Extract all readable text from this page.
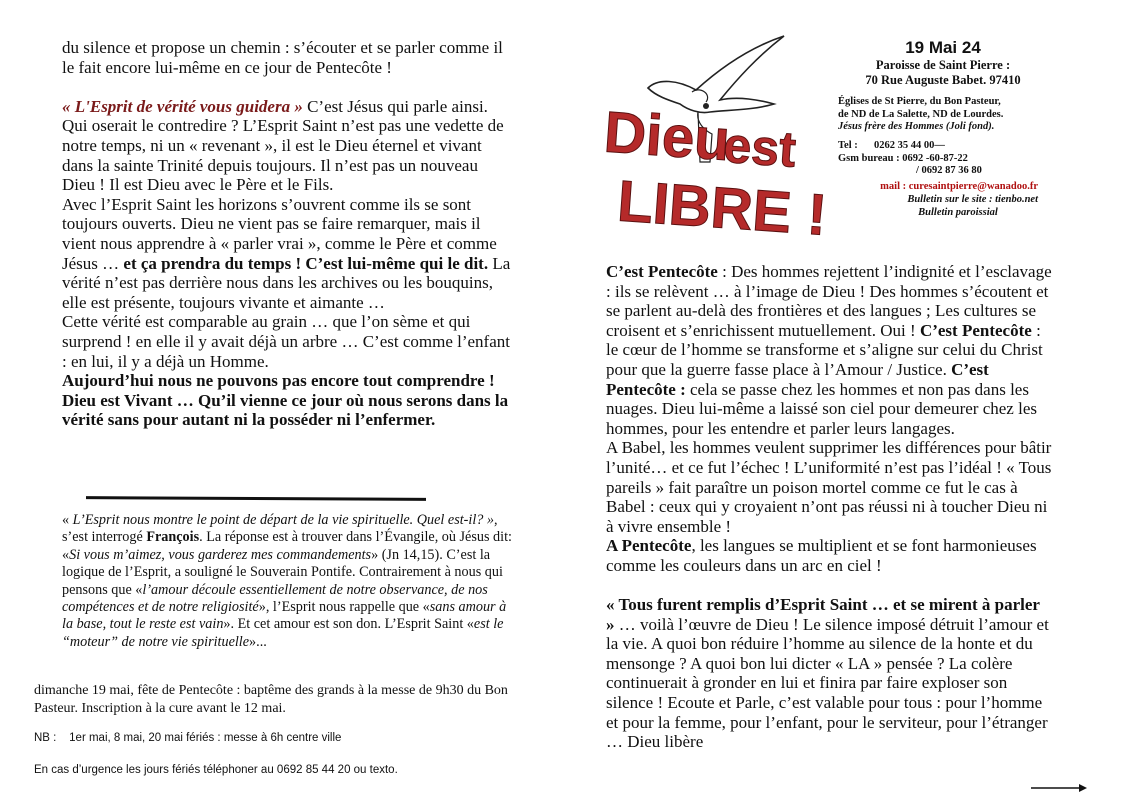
du silence et propose un chemin : s’écouter et se parler comme il le fait encore lui-même en ce jour de Pentecôte !

« L'Esprit de vérité vous guidera » C’est Jésus qui parle ainsi. Qui oserait le contredire ? L’Esprit Saint n’est pas une vedette de notre temps, ni un « revenant », il est le Dieu éternel et vivant dans la sainte Trinité depuis toujours. Il n’est pas un nouveau Dieu ! Il est Dieu avec le Père et le Fils.

Avec l’Esprit Saint les horizons s’ouvrent comme ils se sont toujours ouverts. Dieu ne vient pas se faire remarquer, mais il vient nous apprendre à « parler vrai », comme le Père et comme Jésus … et ça prendra du temps ! C’est lui-même qui le dit. La vérité n’est pas derrière nous dans les archives ou les bouquins, elle est présente, toujours vivante et aimante …

Cette vérité est comparable au grain … que l’on sème et qui surprend ! en elle il y avait déjà un arbre … C’est comme l’enfant : en lui, il y a déjà un Homme.

Aujourd’hui nous ne pouvons pas encore tout comprendre ! Dieu est Vivant … Qu’il vienne ce jour où nous serons dans la vérité sans pour autant ni la posséder ni l’enfermer.

« L’Esprit nous montre le point de départ de la vie spirituelle. Quel est-il? », s’est interrogé François. La réponse est à trouver dans l’Évangile, où Jésus dit: «Si vous m’aimez, vous garderez mes commandements» (Jn 14,15). C’est la logique de l’Esprit, a souligné le Souverain Pontife. Contrairement à nous qui pensons que «l’amour découle essentiellement de notre observance, de nos compétences et de notre religiosité», l’Esprit nous rappelle que «sans amour à la base, tout le reste est vain». Et cet amour est son don. L’Esprit Saint «est le “moteur” de notre vie spirituelle»...

dimanche 19 mai, fête de Pentecôte : baptême des grands à la messe de 9h30 du Bon Pasteur. Inscription à la cure avant le 12 mai.
NB : 1er mai, 8 mai, 20 mai fériés : messe à 6h centre ville
En cas d’urgence les jours fériés téléphoner au 0692 85 44 20 ou texto.
Dieu
est
LIBRE !
19 Mai 24
Paroisse de Saint Pierre :
70 Rue Auguste Babet. 97410
Églises de St Pierre, du Bon Pasteur,
de ND de La Salette, ND de Lourdes.
Jésus frère des Hommes (Joli fond).
Tel : 0262 35 44 00—
Gsm bureau : 0692 -60-87-22
/ 0692 87 36 80
mail : curesaintpierre@wanadoo.fr
Bulletin sur le site : tienbo.net
Bulletin paroissial

C’est Pentecôte : Des hommes rejettent l’indignité et l’esclavage : ils se relèvent … à l’image de Dieu ! Des hommes s’écoutent et se parlent au-delà des frontières et des langues ; Les cultures se croisent et s’enrichissent mutuellement. Oui ! C’est Pentecôte : le cœur de l’homme se transforme et s’aligne sur celui du Christ pour que la guerre fasse place à l’Amour / Justice. C’est Pentecôte : cela se passe chez les hommes et non pas dans les nuages. Dieu lui-même a laissé son ciel pour demeurer chez les hommes, pour les entendre et parler leurs langages.

A Babel, les hommes veulent supprimer les différences pour bâtir l’unité… et ce fut l’échec ! L’uniformité n’est pas l’idéal ! « Tous pareils » fait paraître un poison mortel comme ce fut le cas à Babel : ceux qui y croyaient n’ont pas réussi ni à toucher Dieu ni à vivre ensemble !

A Pentecôte, les langues se multiplient et se font harmonieuses comme les couleurs dans un arc en ciel !

« Tous furent remplis d’Esprit Saint … et se mirent à parler » … voilà l’œuvre de Dieu ! Le silence imposé détruit l’amour et la vie. A quoi bon réduire l’homme au silence de la honte et du mensonge ? A quoi bon lui dicter « LA » pensée ? La colère continuerait à gronder en lui et finira par faire exploser son silence ! Ecoute et Parle, c’est valable pour tous : pour l’homme et pour la femme, pour l’enfant, pour le serviteur, pour l’étranger … Dieu libère
